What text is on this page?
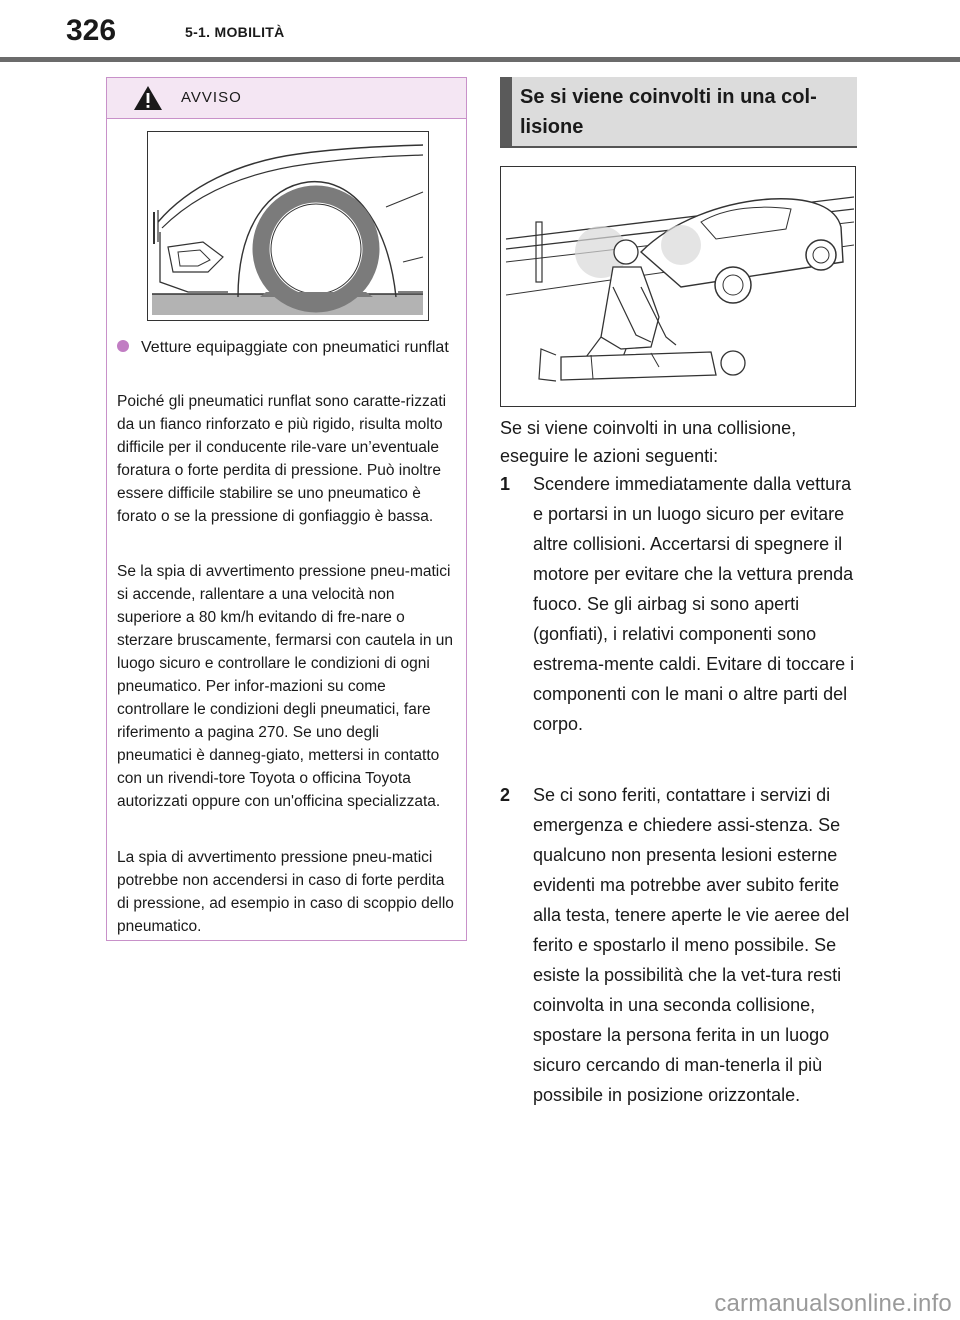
326	5-1. MOBILITÀ
AVVISO
Vetture equipaggiate con pneumatici runflat
Poiché gli pneumatici runflat sono caratte-rizzati da un fianco rinforzato e più rigido, risulta molto difficile per il conducente rile-vare un’eventuale foratura o forte perdita di pressione. Può inoltre essere difficile stabilire se uno pneumatico è forato o se la pressione di gonfiaggio è bassa.
Se la spia di avvertimento pressione pneu-matici si accende, rallentare a una velocità non superiore a 80 km/h evitando di fre-nare o sterzare bruscamente, fermarsi con cautela in un luogo sicuro e controllare le condizioni di ogni pneumatico. Per infor-mazioni su come controllare le condizioni degli pneumatici, fare riferimento a pagina 270. Se uno degli pneumatici è danneg-giato, mettersi in contatto con un rivendi-tore Toyota o officina Toyota autorizzati oppure con un'officina specializzata.
La spia di avvertimento pressione pneu-matici potrebbe non accendersi in caso di forte perdita di pressione, ad esempio in caso di scoppio dello pneumatico.
Se si viene coinvolti in una col-lisione
Se si viene coinvolti in una collisione, eseguire le azioni seguenti:
1 Scendere immediatamente dalla vettura e portarsi in un luogo sicuro per evitare altre collisioni. Accertarsi di spegnere il motore per evitare che la vettura prenda fuoco. Se gli airbag si sono aperti (gonfiati), i relativi componenti sono estrema-mente caldi. Evitare di toccare i componenti con le mani o altre parti del corpo.
2 Se ci sono feriti, contattare i servizi di emergenza e chiedere assi-stenza. Se qualcuno non presenta lesioni esterne evidenti ma potrebbe aver subito ferite alla testa, tenere aperte le vie aeree del ferito e spostarlo il meno possibile. Se esiste la possibilità che la vet-tura resti coinvolta in una seconda collisione, spostare la persona ferita in un luogo sicuro cercando di man-tenerla il più possibile in posizione orizzontale.
carmanualsonline.info
